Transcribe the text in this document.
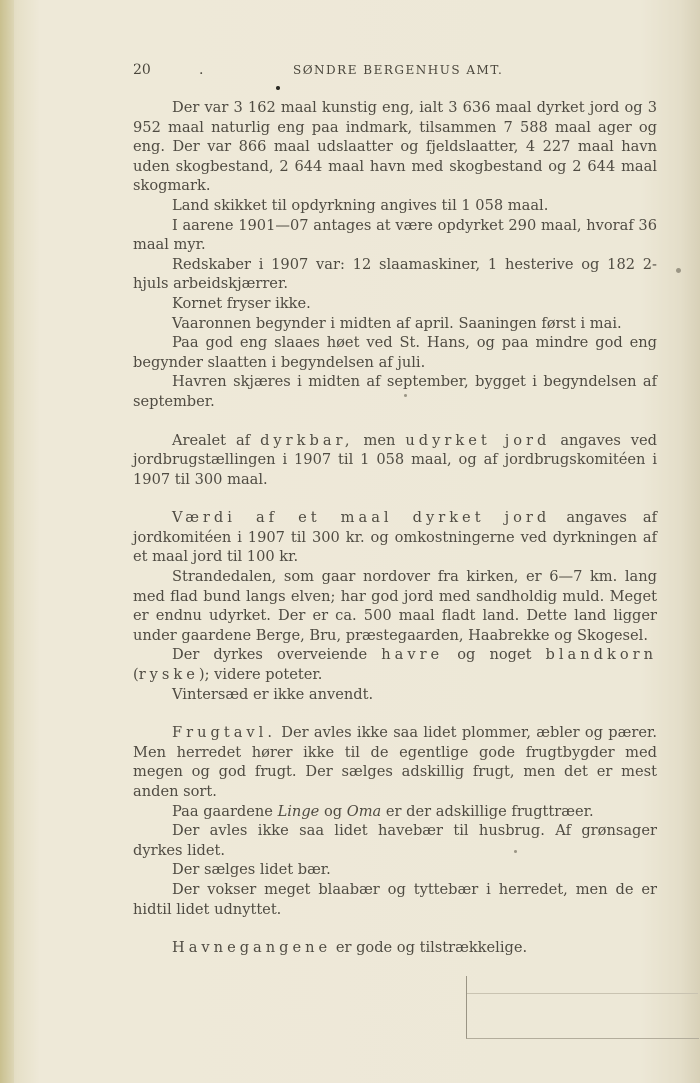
20	.	SØNDRE BERGENHUS AMT.

Der var 3 162 maal kunstig eng, ialt 3 636 maal dyrket jord og 3 952 maal naturlig eng paa indmark, tilsammen 7 588 maal ager og eng. Der var 866 maal udslaatter og fjeldslaatter, 4 227 maal havn uden skogbestand, 2 644 maal havn med skogbestand og 2 644 maal skogmark.

Land skikket til opdyrkning angives til 1 058 maal.

I aarene 1901—07 antages at være opdyrket 290 maal, hvoraf 36 maal myr.

Redskaber i 1907 var: 12 slaamaskiner, 1 hesterive og 182 2-hjuls arbeidskjærrer.

Kornet fryser ikke.

Vaaronnen begynder i midten af april. Saaningen først i mai.

Paa god eng slaaes høet ved St. Hans, og paa mindre god eng begynder slaatten i begyndelsen af juli.

Havren skjæres i midten af september, bygget i begyndelsen af september.

Arealet af dyrkbar, men udyrket jord angaves ved jordbrugstællingen i 1907 til 1 058 maal, og af jordbrugskomitéen i 1907 til 300 maal.

Værdi af et maal dyrket jord angaves af jordkomitéen i 1907 til 300 kr. og omkostningerne ved dyrkningen af et maal jord til 100 kr.

Strandedalen, som gaar nordover fra kirken, er 6—7 km. lang med flad bund langs elven; har god jord med sandholdig muld. Meget er endnu udyrket. Der er ca. 500 maal fladt land. Dette land ligger under gaardene Berge, Bru, præstegaarden, Haabrekke og Skogesel.

Der dyrkes overveiende havre og noget blandkorn (ryske); videre poteter.

Vintersæd er ikke anvendt.

Frugtavl. Der avles ikke saa lidet plommer, æbler og pærer. Men herredet hører ikke til de egentlige gode frugtbygder med megen og god frugt. Der sælges adskillig frugt, men det er mest anden sort.

Paa gaardene Linge og Oma er der adskillige frugttræer.

Der avles ikke saa lidet havebær til husbrug. Af grønsager dyrkes lidet.

Der sælges lidet bær.

Der vokser meget blaabær og tyttebær i herredet, men de er hidtil lidet udnyttet.

Havnegangene er gode og tilstrækkelige.
